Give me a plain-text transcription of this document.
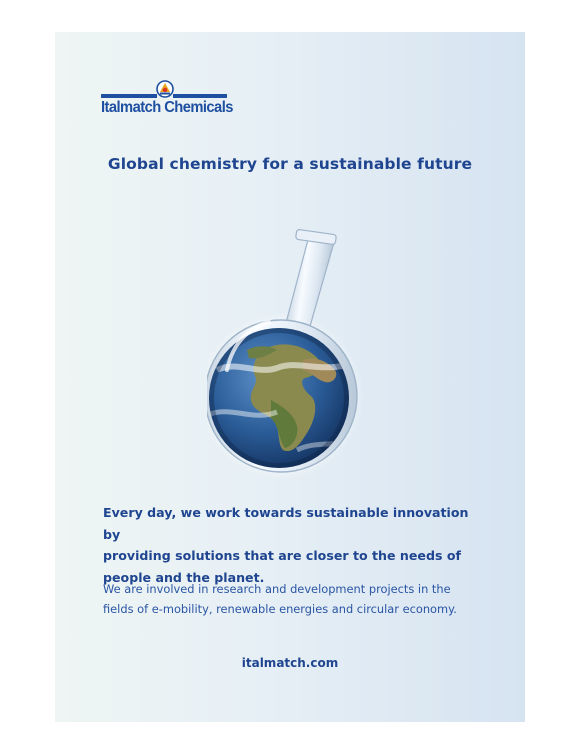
Italmatch Chemicals
Global chemistry for a sustainable future
Every day, we work towards sustainable innovation by
providing solutions that are closer to the needs of
people and the planet.
We are involved in research and development projects in the
fields of e-mobility, renewable energies and circular economy.
italmatch.com
